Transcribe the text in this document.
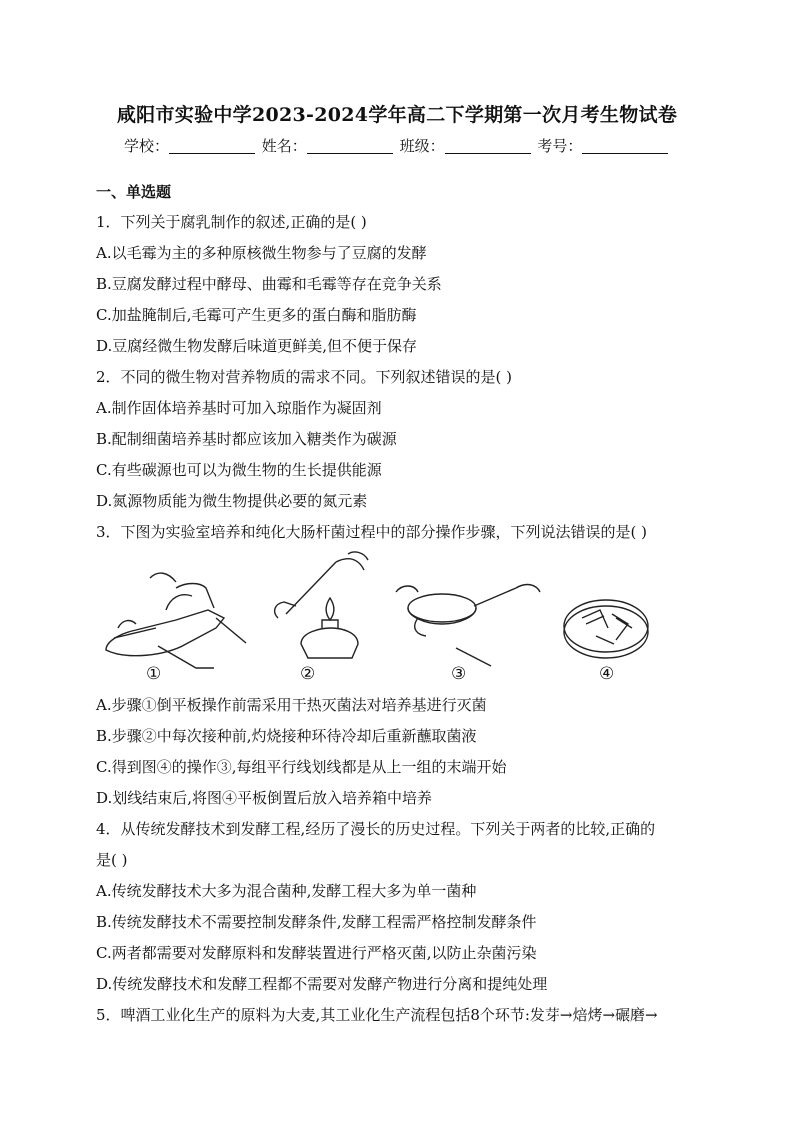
咸阳市实验中学2023-2024学年高二下学期第一次月考生物试卷
学校：	姓名：	班级：	考号：
一、单选题
1．下列关于腐乳制作的叙述,正确的是( )
A.以毛霉为主的多种原核微生物参与了豆腐的发酵
B.豆腐发酵过程中酵母、曲霉和毛霉等存在竞争关系
C.加盐腌制后,毛霉可产生更多的蛋白酶和脂肪酶
D.豆腐经微生物发酵后味道更鲜美,但不便于保存
2．不同的微生物对营养物质的需求不同。下列叙述错误的是( )
A.制作固体培养基时可加入琼脂作为凝固剂
B.配制细菌培养基时都应该加入糖类作为碳源
C.有些碳源也可以为微生物的生长提供能源
D.氮源物质能为微生物提供必要的氮元素
3．下图为实验室培养和纯化大肠杆菌过程中的部分操作步骤，下列说法错误的是( )
①	②	③	④
A.步骤①倒平板操作前需采用干热灭菌法对培养基进行灭菌
B.步骤②中每次接种前,灼烧接种环待冷却后重新蘸取菌液
C.得到图④的操作③,每组平行线划线都是从上一组的末端开始
D.划线结束后,将图④平板倒置后放入培养箱中培养
4．从传统发酵技术到发酵工程,经历了漫长的历史过程。下列关于两者的比较,正确的
是( )
A.传统发酵技术大多为混合菌种,发酵工程大多为单一菌种
B.传统发酵技术不需要控制发酵条件,发酵工程需严格控制发酵条件
C.两者都需要对发酵原料和发酵装置进行严格灭菌,以防止杂菌污染
D.传统发酵技术和发酵工程都不需要对发酵产物进行分离和提纯处理
5．啤酒工业化生产的原料为大麦,其工业化生产流程包括8个环节:发芽→焙烤→碾磨→
